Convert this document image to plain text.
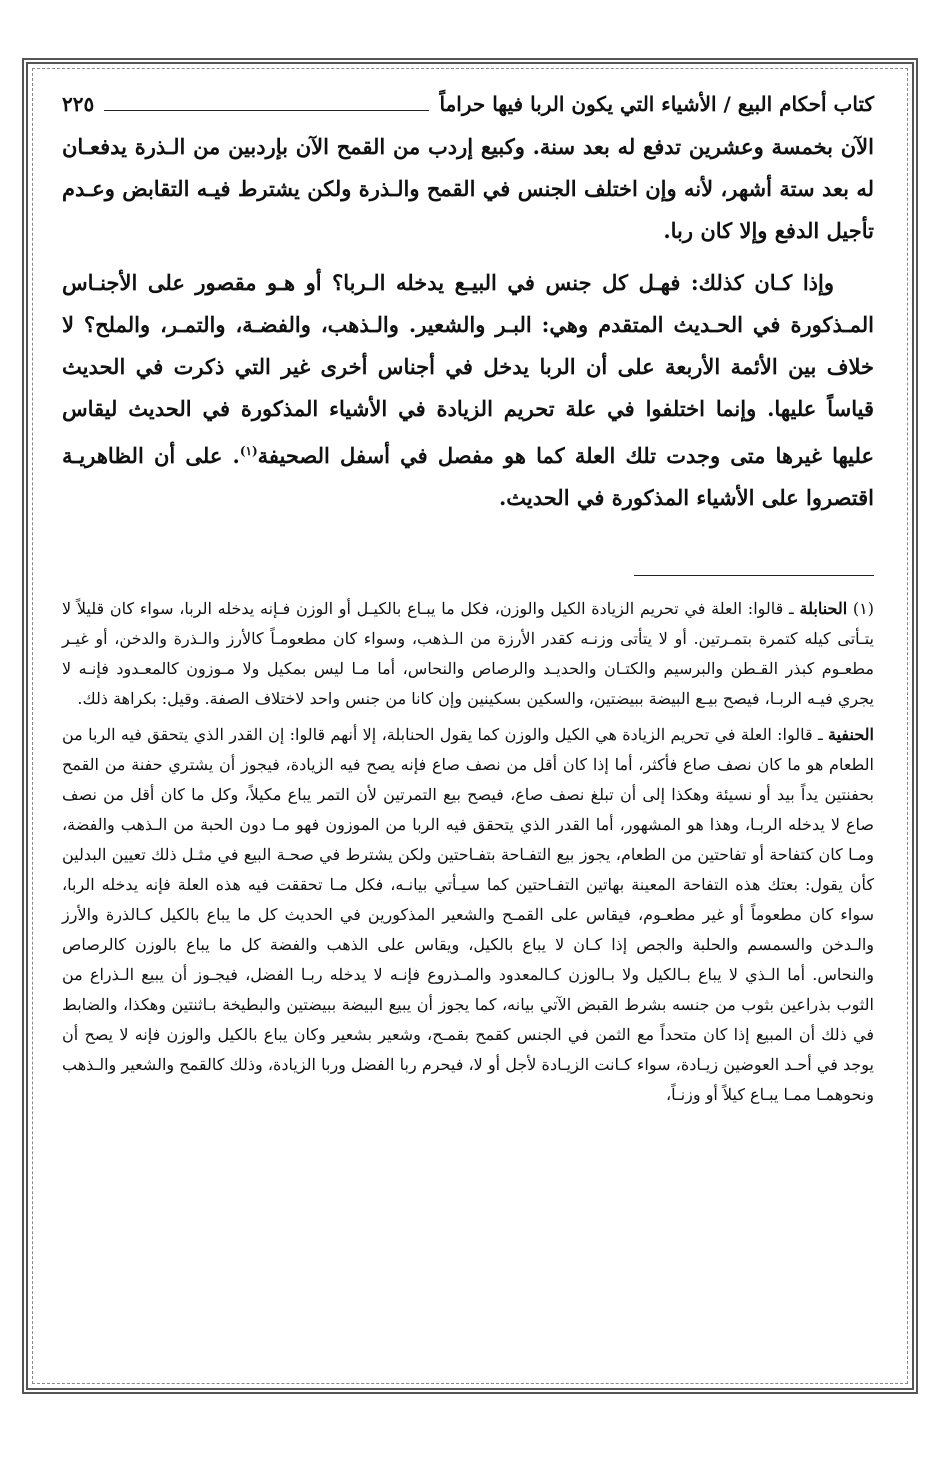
كتاب أحكام البيع / الأشياء التي يكون الربا فيها حراماً
٢٢٥

الآن بخمسة وعشرين تدفع له بعد سنة. وكبيع إردب من القمح الآن بإردبين من الـذرة يدفعـان له بعد ستة أشهر، لأنه وإن اختلف الجنس في القمح والـذرة ولكن يشترط فيـه التقابض وعـدم تأجيل الدفع وإلا كان ربا.

وإذا كـان كذلك: فهـل كل جنس في البيـع يدخله الـربا؟ أو هـو مقصور على الأجنـاس المـذكورة في الحـديث المتقدم وهي: البـر والشعير. والـذهب، والفضـة، والتمـر، والملح؟ لا خلاف بين الأئمة الأربعة على أن الربا يدخل في أجناس أخرى غير التي ذكرت في الحديث قياساً عليها. وإنما اختلفوا في علة تحريم الزيادة في الأشياء المذكورة في الحديث ليقاس عليها غيرها متى وجدت تلك العلة كما هو مفصل في أسفل الصحيفة$^{(١)}$. على أن الظاهريـة اقتصروا على الأشياء المذكورة في الحديث.

(١) الحنابلة ـ قالوا: العلة في تحريم الزيادة الكيل والوزن، فكل ما يبـاع بالكيـل أو الوزن فـإنه يدخله الربا، سواء كان قليلاً لا يتـأتى كيله كتمرة بتمـرتين. أو لا يتأتى وزنـه كقدر الأرزة من الـذهب، وسواء كان مطعومـاً كالأرز والـذرة والدخن، أو غيـر مطعـوم كبذر القـطن والبرسيم والكتـان والحديـد والرصاص والنحاس، أما مـا ليس بمكيل ولا مـوزون كالمعـدود فإنـه لا يجري فيـه الربـا، فيصح بيـع البيضة ببيضتين، والسكين بسكينين وإن كانا من جنس واحد لاختلاف الصفة. وقيل: بكراهة ذلك.

الحنفية ـ قالوا: العلة في تحريم الزيادة هي الكيل والوزن كما يقول الحنابلة، إلا أنهم قالوا: إن القدر الذي يتحقق فيه الربا من الطعام هو ما كان نصف صاع فأكثر، أما إذا كان أقل من نصف صاع فإنه يصح فيه الزيادة، فيجوز أن يشتري حفنة من القمح بحفنتين يداً بيد أو نسيئة وهكذا إلى أن تبلغ نصف صاع، فيصح بيع التمرتين لأن التمر يباع مكيلاً، وكل ما كان أقل من نصف صاع لا يدخله الربـا، وهذا هو المشهور، أما القدر الذي يتحقق فيه الربا من الموزون فهو مـا دون الحبة من الـذهب والفضة، ومـا كان كتفاحة أو تفاحتين من الطعام، يجوز بيع التفـاحة بتفـاحتين ولكن يشترط في صحـة البيع في مثـل ذلك تعيين البدلين كأن يقول: بعتك هذه التفاحة المعينة بهاتين التفـاحتين كما سيـأتي بيانـه، فكل مـا تحققت فيه هذه العلة فإنه يدخله الربا، سواء كان مطعوماً أو غير مطعـوم، فيقاس على القمـح والشعير المذكورين في الحديث كل ما يباع بالكيل كـالذرة والأرز والـدخن والسمسم والحلبة والجص إذا كـان لا يباع بالكيل، ويقاس على الذهب والفضة كل ما يباع بالوزن كالرصاص والنحاس. أما الـذي لا يباع بـالكيل ولا بـالوزن كـالمعدود والمـذروع فإنـه لا يدخله ربـا الفضل، فيجـوز أن يبيع الـذراع من الثوب بذراعين بثوب من جنسه بشرط القبض الآتي بيانه، كما يجوز أن يبيع البيضة ببيضتين والبطيخة بـاثنتين وهكذا، والضابط في ذلك أن المبيع إذا كان متحداً مع الثمن في الجنس كقمح بقمـح، وشعير بشعير وكان يباع بالكيل والوزن فإنه لا يصح أن يوجد في أحـد العوضين زيـادة، سواء كـانت الزيـادة لأجل أو لا، فيحرم ربا الفضل وربا الزيادة، وذلك كالقمح والشعير والـذهب ونحوهمـا ممـا يبـاع كيلاً أو وزنـاً،
